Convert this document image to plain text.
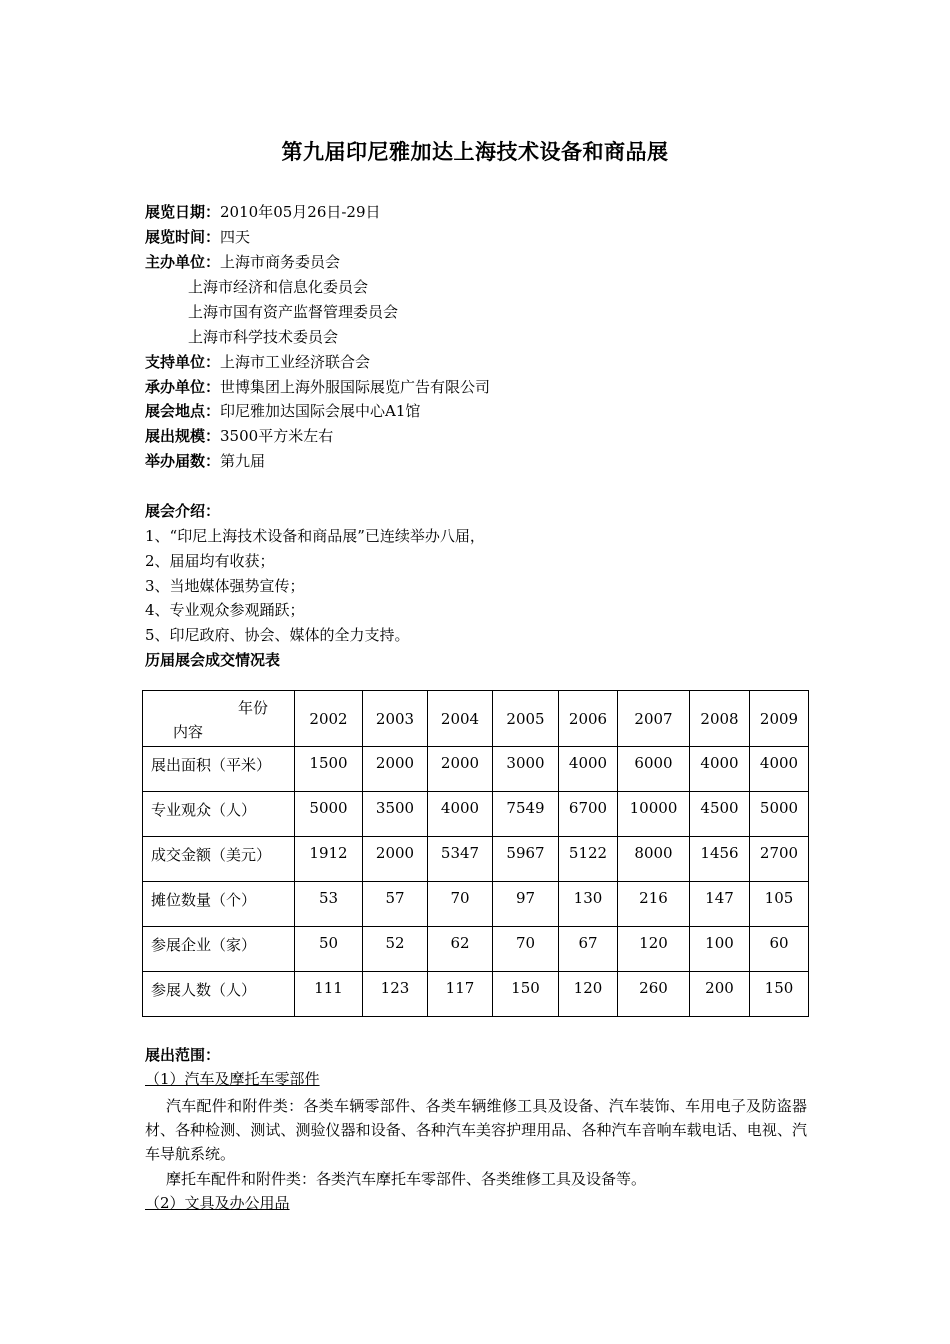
第九届印尼雅加达上海技术设备和商品展
展览日期：2010年05月26日-29日
展览时间：四天
主办单位：上海市商务委员会
上海市经济和信息化委员会
上海市国有资产监督管理委员会
上海市科学技术委员会
支持单位：上海市工业经济联合会
承办单位：世博集团上海外服国际展览广告有限公司
展会地点：印尼雅加达国际会展中心A1馆
展出规模：3500平方米左右
举办届数：第九届
展会介绍：
1、“印尼上海技术设备和商品展”已连续举办八届，
2、届届均有收获；
3、当地媒体强势宣传；
4、专业观众参观踊跃；
5、印尼政府、协会、媒体的全力支持。
历届展会成交情况表
年份
内容	2002	2003	2004	2005	2006	2007	2008	2009

展出面积（平米）	1500	2000	2000	3000	4000	6000	4000	4000

专业观众（人）	5000	3500	4000	7549	6700	10000	4500	5000

成交金额（美元）	1912	2000	5347	5967	5122	8000	1456	2700

摊位数量（个）	53	57	70	97	130	216	147	105

参展企业（家）	50	52	62	70	67	120	100	60

参展人数（人）	111	123	117	150	120	260	200	150
展出范围：
（1）汽车及摩托车零部件
汽车配件和附件类：各类车辆零部件、各类车辆维修工具及设备、汽车装饰、车用电子及防盗器材、各种检测、测试、测验仪器和设备、各种汽车美容护理用品、各种汽车音响车载电话、电视、汽车导航系统。
摩托车配件和附件类：各类汽车摩托车零部件、各类维修工具及设备等。
（2）文具及办公用品
